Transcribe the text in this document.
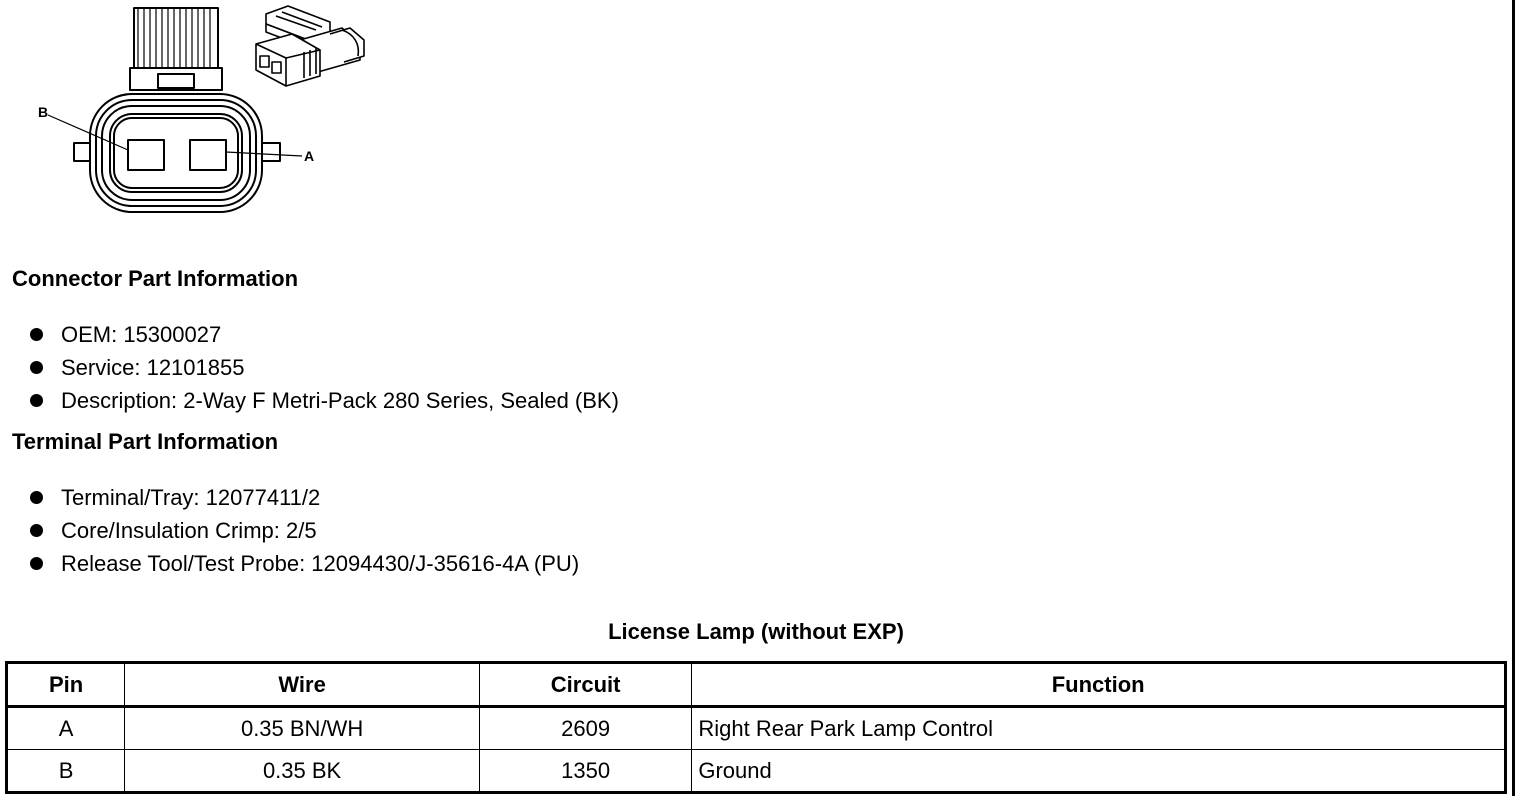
B
A
Connector Part Information
OEM: 15300027
Service: 12101855
Description: 2-Way F Metri-Pack 280 Series, Sealed (BK)
Terminal Part Information
Terminal/Tray: 12077411/2
Core/Insulation Crimp: 2/5
Release Tool/Test Probe: 12094430/J-35616-4A (PU)
License Lamp (without EXP)
Pin	Wire	Circuit	Function
A	0.35 BN/WH	2609	Right Rear Park Lamp Control
B	0.35 BK	1350	Ground
